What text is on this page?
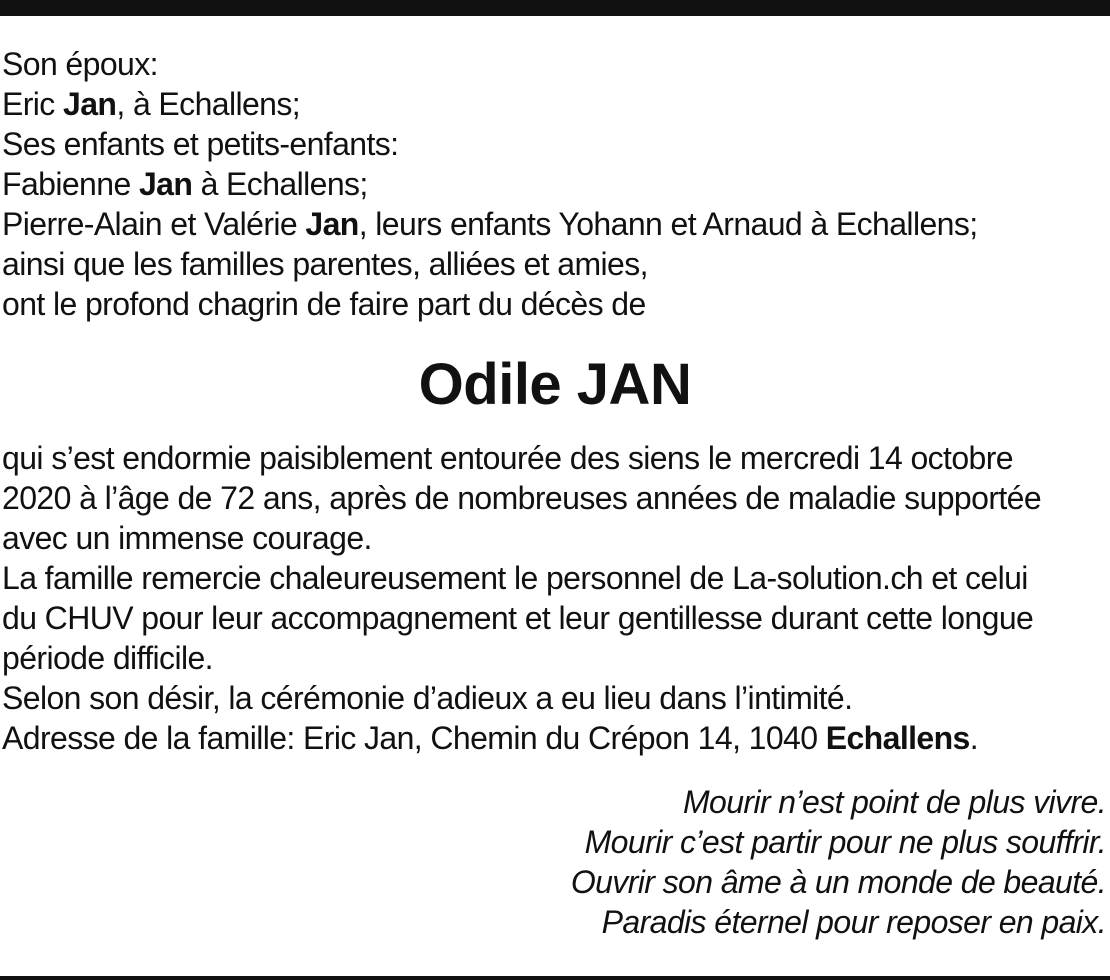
Son époux:
Eric Jan, à Echallens;
Ses enfants et petits-enfants:
Fabienne Jan à Echallens;
Pierre-Alain et Valérie Jan, leurs enfants Yohann et Arnaud à Echallens;
ainsi que les familles parentes, alliées et amies,
ont le profond chagrin de faire part du décès de
Odile JAN
qui s’est endormie paisiblement entourée des siens le mercredi 14 octobre
2020 à l’âge de 72 ans, après de nombreuses années de maladie supportée
avec un immense courage.
La famille remercie chaleureusement le personnel de La-solution.ch et celui
du CHUV pour leur accompagnement et leur gentillesse durant cette longue
période difficile.
Selon son désir, la cérémonie d’adieux a eu lieu dans l’intimité.
Adresse de la famille: Eric Jan, Chemin du Crépon 14, 1040 Echallens.
Mourir n’est point de plus vivre.
Mourir c’est partir pour ne plus souffrir.
Ouvrir son âme à un monde de beauté.
Paradis éternel pour reposer en paix.
